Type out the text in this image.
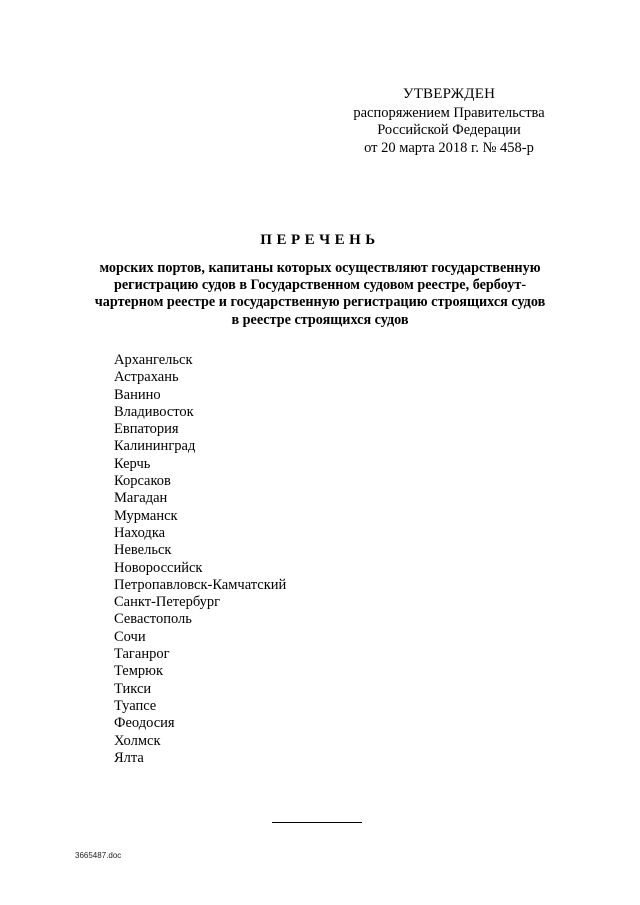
УТВЕРЖДЕН
распоряжением Правительства
Российской Федерации
от 20 марта 2018 г. № 458-р
ПЕРЕЧЕНЬ
морских портов, капитаны которых осуществляют государственную
регистрацию судов в Государственном судовом реестре, бербоут-
чартерном реестре и государственную регистрацию строящихся судов
в реестре строящихся судов
Архангельск
Астрахань
Ванино
Владивосток
Евпатория
Калининград
Керчь
Корсаков
Магадан
Мурманск
Находка
Невельск
Новороссийск
Петропавловск-Камчатский
Санкт-Петербург
Севастополь
Сочи
Таганрог
Темрюк
Тикси
Туапсе
Феодосия
Холмск
Ялта
3665487.doc
